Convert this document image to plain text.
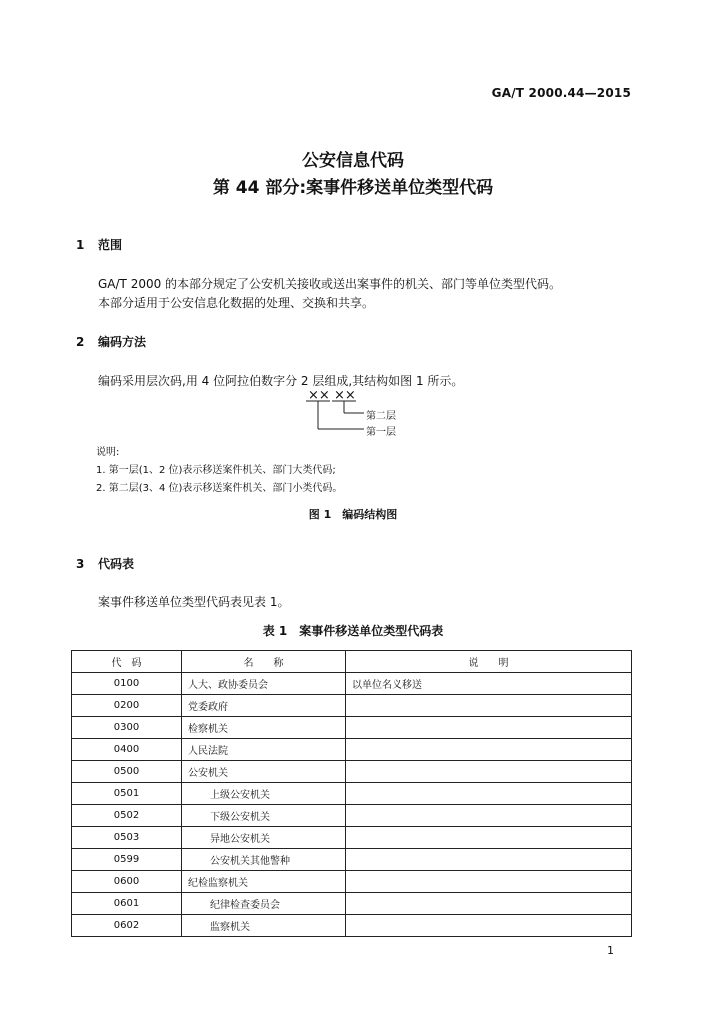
GA/T 2000.44—2015
公安信息代码
第 44 部分:案事件移送单位类型代码
1 范围
GA/T 2000 的本部分规定了公安机关接收或送出案事件的机关、部门等单位类型代码。
本部分适用于公安信息化数据的处理、交换和共享。
2 编码方法
编码采用层次码,用 4 位阿拉伯数字分 2 层组成,其结构如图 1 所示。
×× ××
第二层
第一层
说明:
1. 第一层(1、2 位)表示移送案件机关、部门大类代码;
2. 第二层(3、4 位)表示移送案件机关、部门小类代码。
图 1　编码结构图
3 代码表
案事件移送单位类型代码表见表 1。
表 1　案事件移送单位类型代码表
代　码	名　　称	说　　明
0100	人大、政协委员会	以单位名义移送
0200	党委政府	
0300	检察机关	
0400	人民法院	
0500	公安机关	
0501	上级公安机关	
0502	下级公安机关	
0503	异地公安机关	
0599	公安机关其他警种	
0600	纪检监察机关	
0601	纪律检查委员会	
0602	监察机关	
1
